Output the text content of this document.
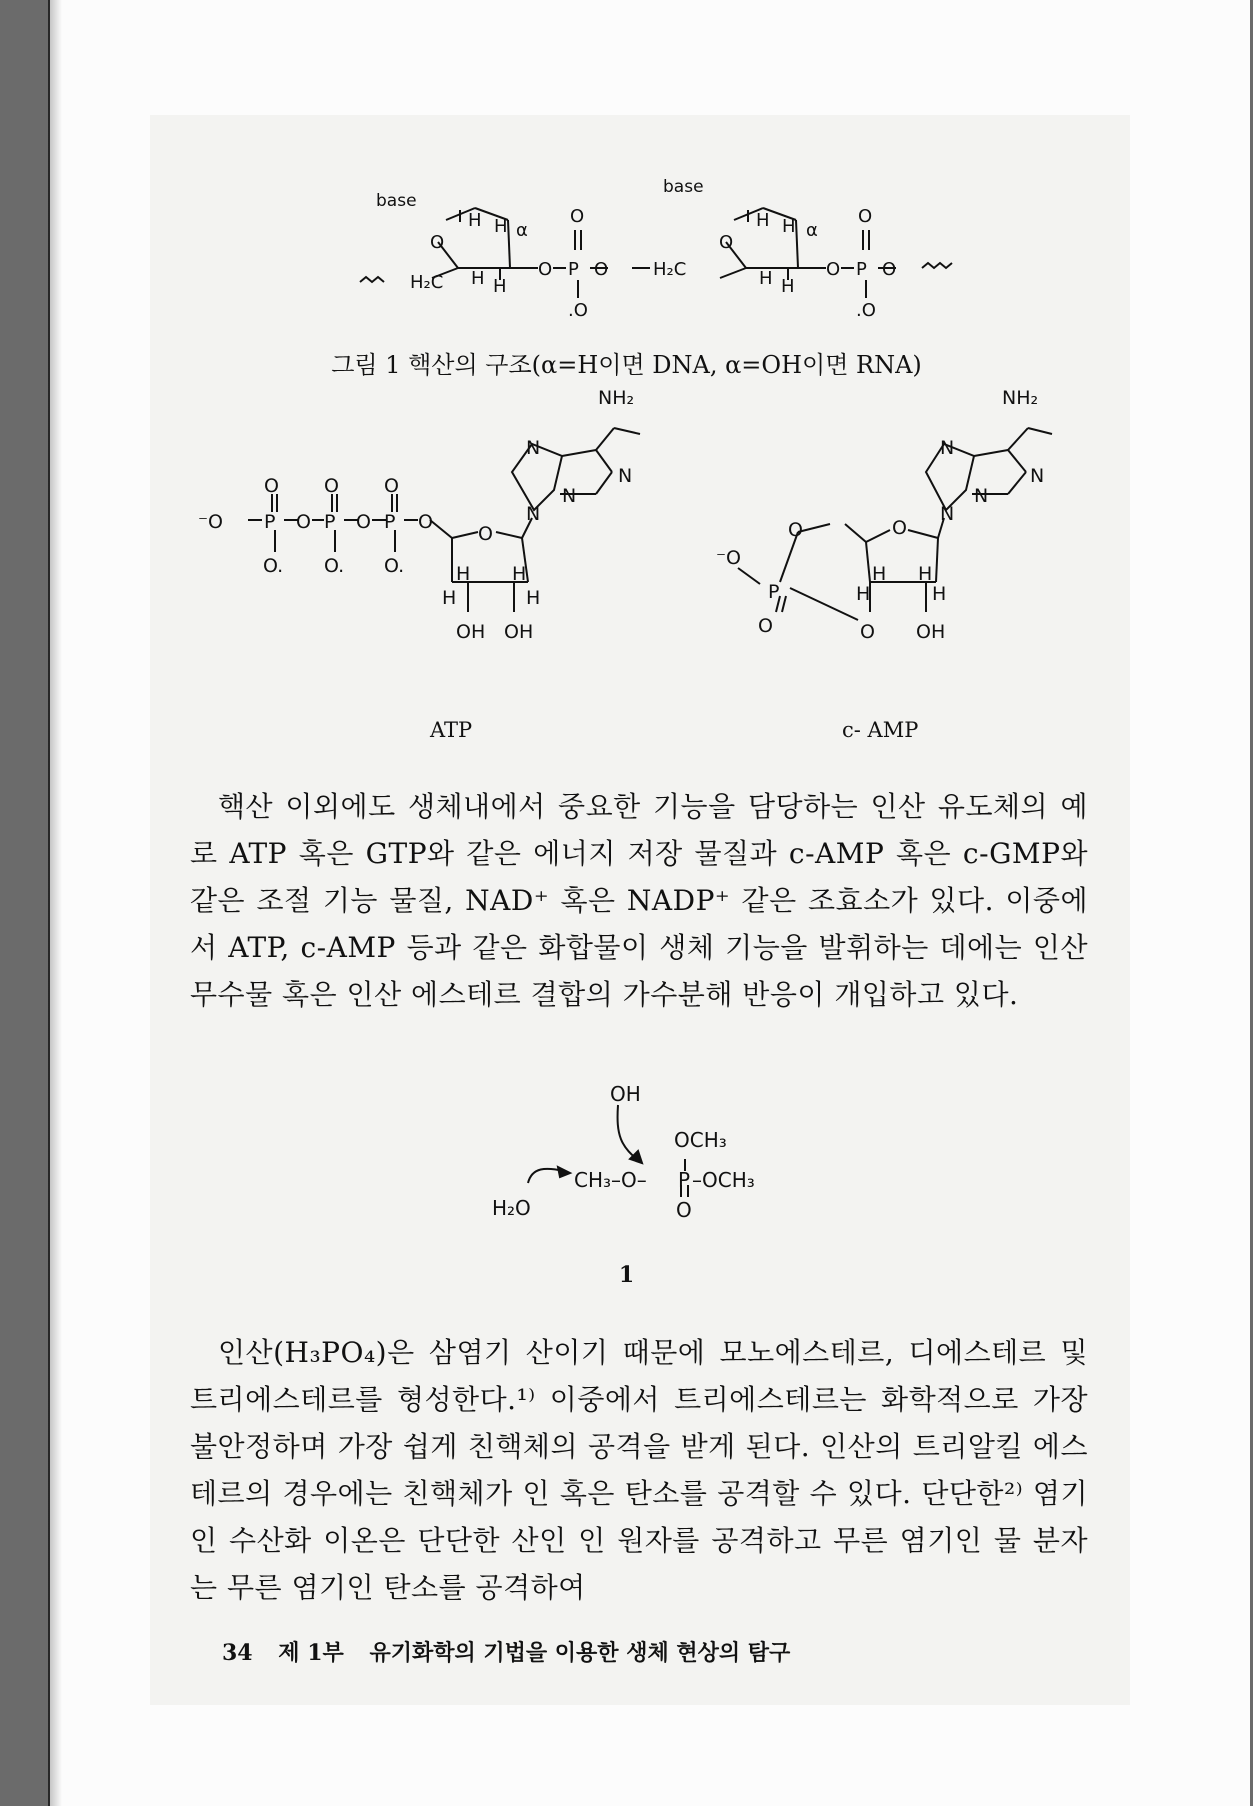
base
base
H₂C
O
H H
H H
α
O P
O
O
.O
H₂C
O
H H
H H
α
O P
O
O
.O
그림 1 핵산의 구조(α=H이면 DNA, α=OH이면 RNA)
⁻O P
O
O.
O P
O
O.
O P
O
O.
O
O
H
H
H
H
OH OH
N
N
N
N
NH₂
⁻O
P
O
O	O
H
H
H
H
O OH
N
N
N
N
NH₂
ATP	c- AMP

핵산 이외에도 생체내에서 중요한 기능을 담당하는 인산 유도체의 예로 ATP 혹은 GTP와 같은 에너지 저장 물질과 c-AMP 혹은 c-GMP와 같은 조절 기능 물질, NAD⁺ 혹은 NADP⁺ 같은 조효소가 있다. 이중에서 ATP, c-AMP 등과 같은 화합물이 생체 기능을 발휘하는 데에는 인산 무수물 혹은 인산 에스테르 결합의 가수분해 반응이 개입하고 있다.

OH
OCH₃
CH₃–O– P –OCH₃
O
H₂O
1

인산(H₃PO₄)은 삼염기 산이기 때문에 모노에스테르, 디에스테르 및 트리에스테르를 형성한다.¹⁾ 이중에서 트리에스테르는 화학적으로 가장 불안정하며 가장 쉽게 친핵체의 공격을 받게 된다. 인산의 트리알킬 에스테르의 경우에는 친핵체가 인 혹은 탄소를 공격할 수 있다. 단단한²⁾ 염기인 수산화 이온은 단단한 산인 인 원자를 공격하고 무른 염기인 물 분자는 무른 염기인 탄소를 공격하여

34 제 1부 유기화학의 기법을 이용한 생체 현상의 탐구
